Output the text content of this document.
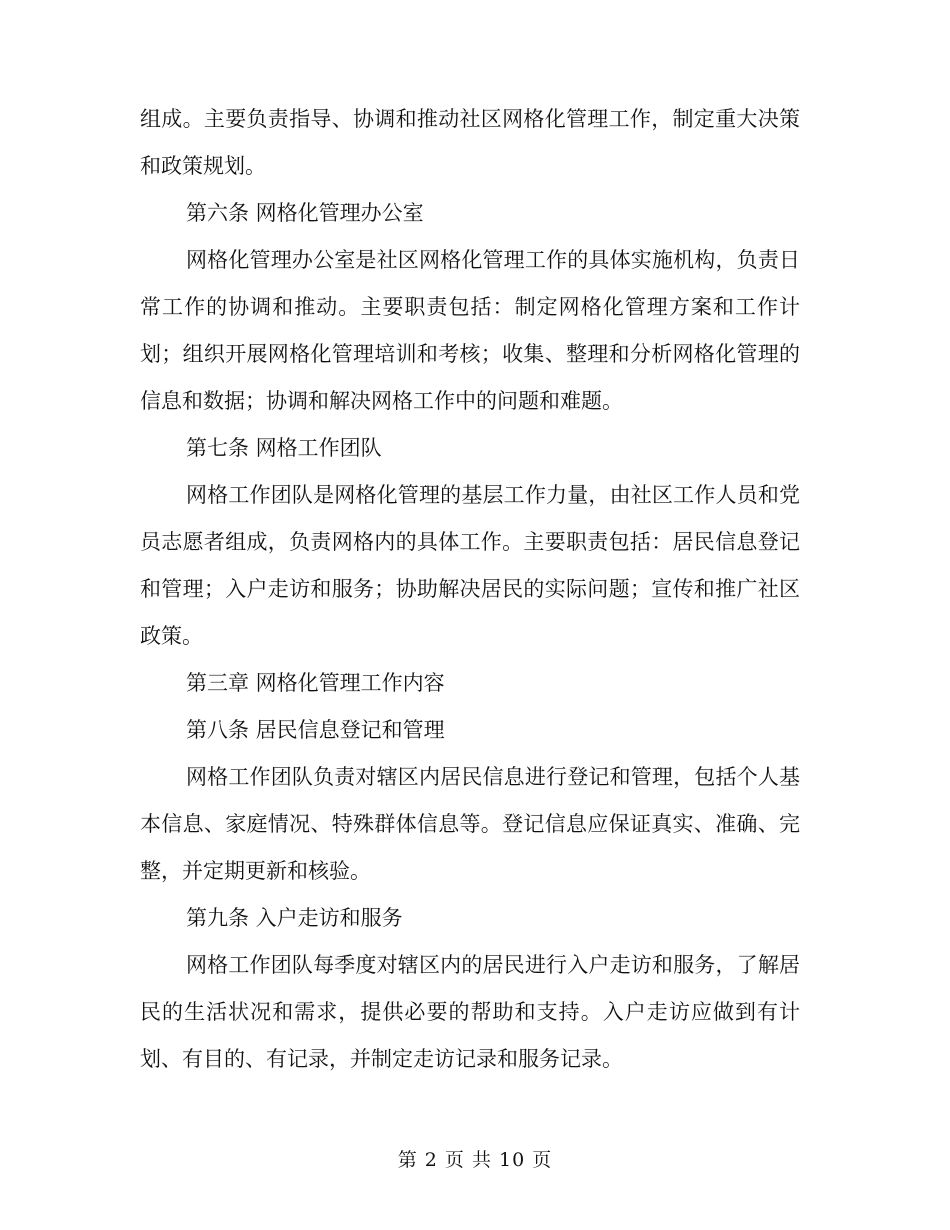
组成。主要负责指导、协调和推动社区网格化管理工作，制定重大决策和政策规划。

第六条 网格化管理办公室

网格化管理办公室是社区网格化管理工作的具体实施机构，负责日常工作的协调和推动。主要职责包括：制定网格化管理方案和工作计划；组织开展网格化管理培训和考核；收集、整理和分析网格化管理的信息和数据；协调和解决网格工作中的问题和难题。

第七条 网格工作团队

网格工作团队是网格化管理的基层工作力量，由社区工作人员和党员志愿者组成，负责网格内的具体工作。主要职责包括：居民信息登记和管理；入户走访和服务；协助解决居民的实际问题；宣传和推广社区政策。

第三章 网格化管理工作内容

第八条 居民信息登记和管理

网格工作团队负责对辖区内居民信息进行登记和管理，包括个人基本信息、家庭情况、特殊群体信息等。登记信息应保证真实、准确、完整，并定期更新和核验。

第九条 入户走访和服务

网格工作团队每季度对辖区内的居民进行入户走访和服务，了解居民的生活状况和需求，提供必要的帮助和支持。入户走访应做到有计划、有目的、有记录，并制定走访记录和服务记录。

第 2 页 共 10 页
